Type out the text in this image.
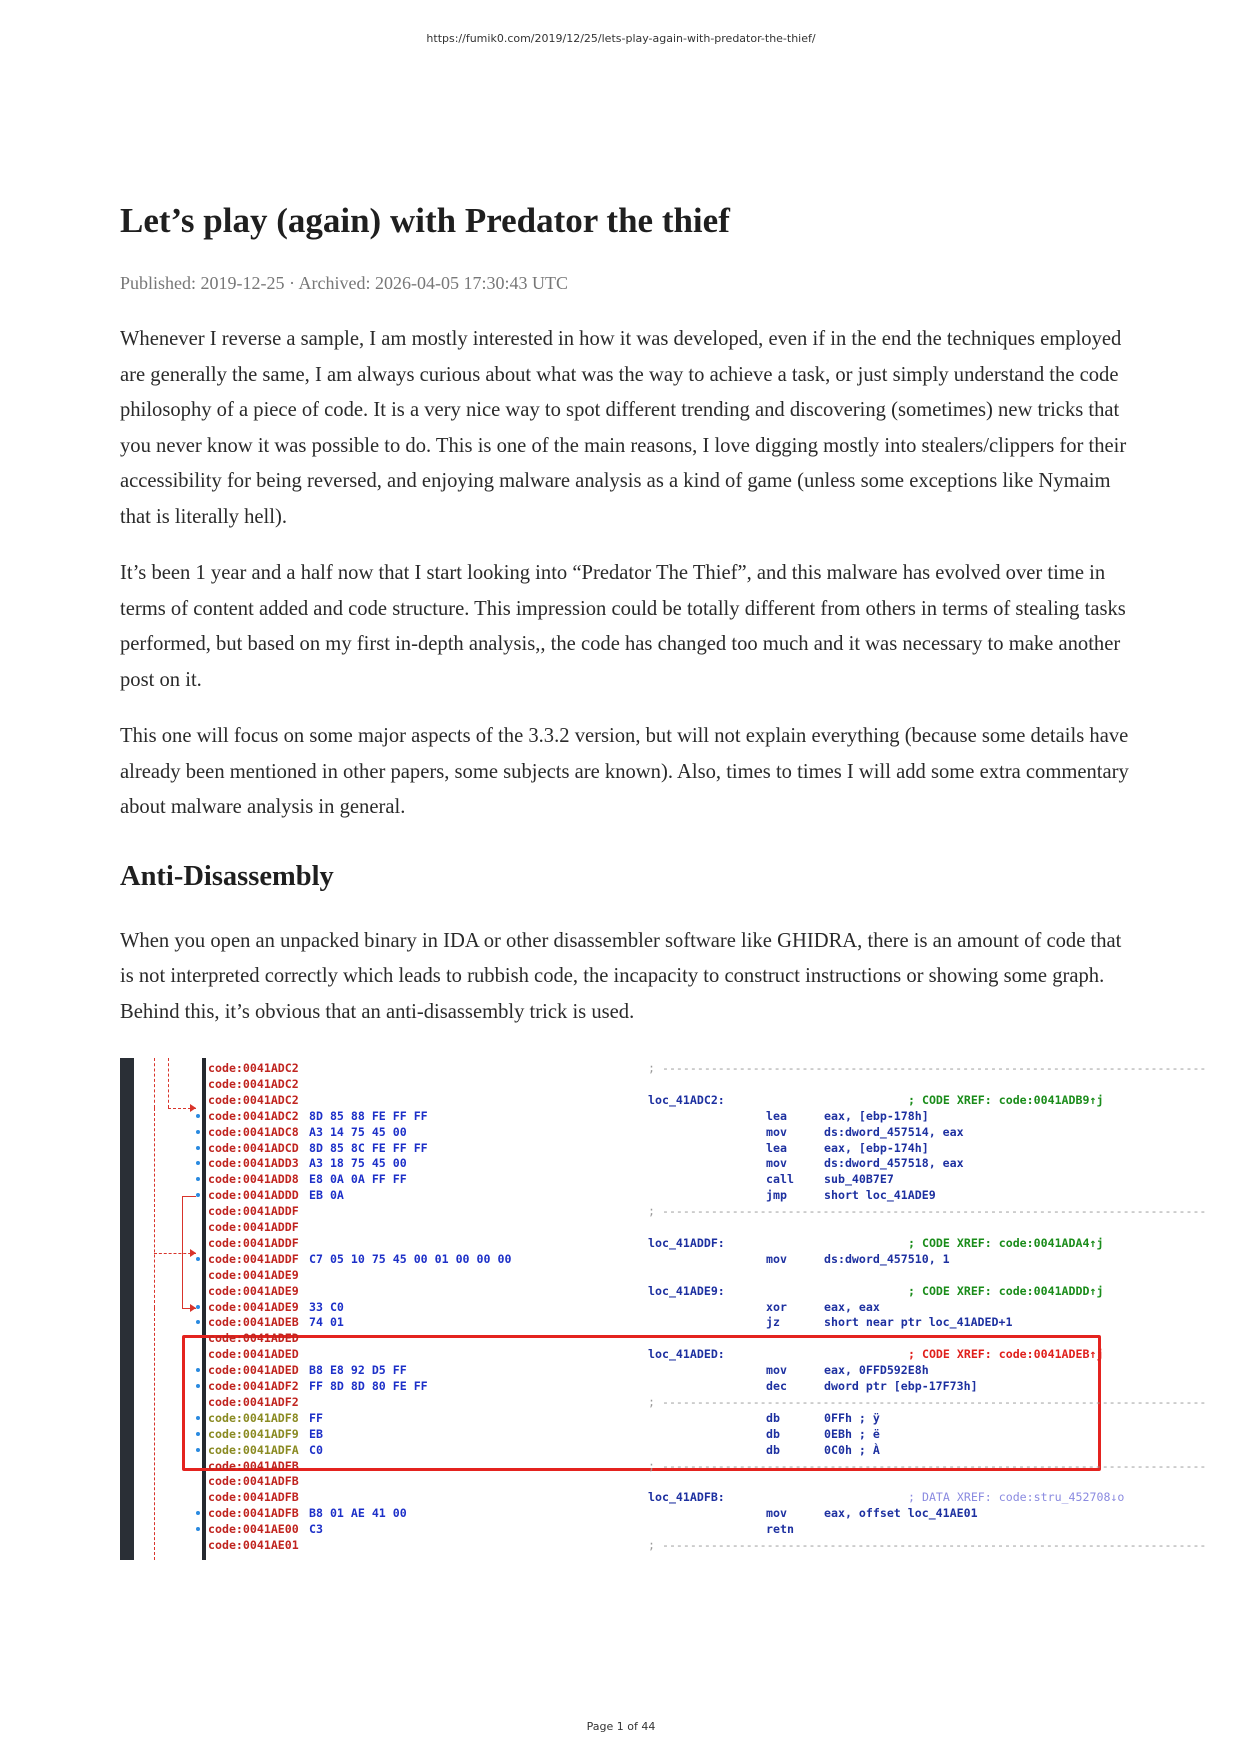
https://fumik0.com/2019/12/25/lets-play-again-with-predator-the-thief/
Let’s play (again) with Predator the thief
Published: 2019-12-25 · Archived: 2026-04-05 17:30:43 UTC

Whenever I reverse a sample, I am mostly interested in how it was developed, even if in the end the techniques employed are generally the same, I am always curious about what was the way to achieve a task, or just simply understand the code philosophy of a piece of code. It is a very nice way to spot different trending and discovering (sometimes) new tricks that you never know it was possible to do. This is one of the main reasons, I love digging mostly into stealers/clippers for their accessibility for being reversed, and enjoying malware analysis as a kind of game (unless some exceptions like Nymaim that is literally hell).

It’s been 1 year and a half now that I start looking into “Predator The Thief”, and this malware has evolved over time in terms of content added and code structure. This impression could be totally different from others in terms of stealing tasks performed, but based on my first in-depth analysis,, the code has changed too much and it was necessary to make another post on it.

This one will focus on some major aspects of the 3.3.2 version, but will not explain everything (because some details have already been mentioned in other papers, some subjects are known). Also, times to times I will add some extra commentary about malware analysis in general.

Anti-Disassembly

When you open an unpacked binary in IDA or other disassembler software like GHIDRA, there is an amount of code that is not interpreted correctly which leads to rubbish code, the incapacity to construct instructions or showing some graph. Behind this, it’s obvious that an anti-disassembly trick is used.

code:0041ADC2	; ------------------------------------------------------------------------------
code:0041ADC2
code:0041ADC2	loc_41ADC2:	; CODE XREF: code:0041ADB9↑j
code:0041ADC2 8D 85 88 FE FF FF	lea	eax, [ebp-178h]
code:0041ADC8 A3 14 75 45 00	mov	ds:dword_457514, eax
code:0041ADCD 8D 85 8C FE FF FF	lea	eax, [ebp-174h]
code:0041ADD3 A3 18 75 45 00	mov	ds:dword_457518, eax
code:0041ADD8 E8 0A 0A FF FF	call	sub_40B7E7
code:0041ADDD EB 0A	jmp	short loc_41ADE9
code:0041ADDF	; ------------------------------------------------------------------------------
code:0041ADDF
code:0041ADDF	loc_41ADDF:	; CODE XREF: code:0041ADA4↑j
code:0041ADDF C7 05 10 75 45 00 01 00 00 00	mov	ds:dword_457510, 1
code:0041ADE9
code:0041ADE9	loc_41ADE9:	; CODE XREF: code:0041ADDD↑j
code:0041ADE9 33 C0	xor	eax, eax
code:0041ADEB 74 01	jz	short near ptr loc_41ADED+1
code:0041ADED
code:0041ADED	loc_41ADED:	; CODE XREF: code:0041ADEB↑j
code:0041ADED B8 E8 92 D5 FF	mov	eax, 0FFD592E8h
code:0041ADF2 FF 8D 8D 80 FE FF	dec	dword ptr [ebp-17F73h]
code:0041ADF2	; ------------------------------------------------------------------------------
code:0041ADF8 FF	db	0FFh ; ÿ
code:0041ADF9 EB	db	0EBh ; ë
code:0041ADFA C0	db	0C0h ; À
code:0041ADFB	; ------------------------------------------------------------------------------
code:0041ADFB
code:0041ADFB	loc_41ADFB:	; DATA XREF: code:stru_452708↓o
code:0041ADFB B8 01 AE 41 00	mov	eax, offset loc_41AE01
code:0041AE00 C3	retn
code:0041AE01	; ------------------------------------------------------------------------------
Page 1 of 44
